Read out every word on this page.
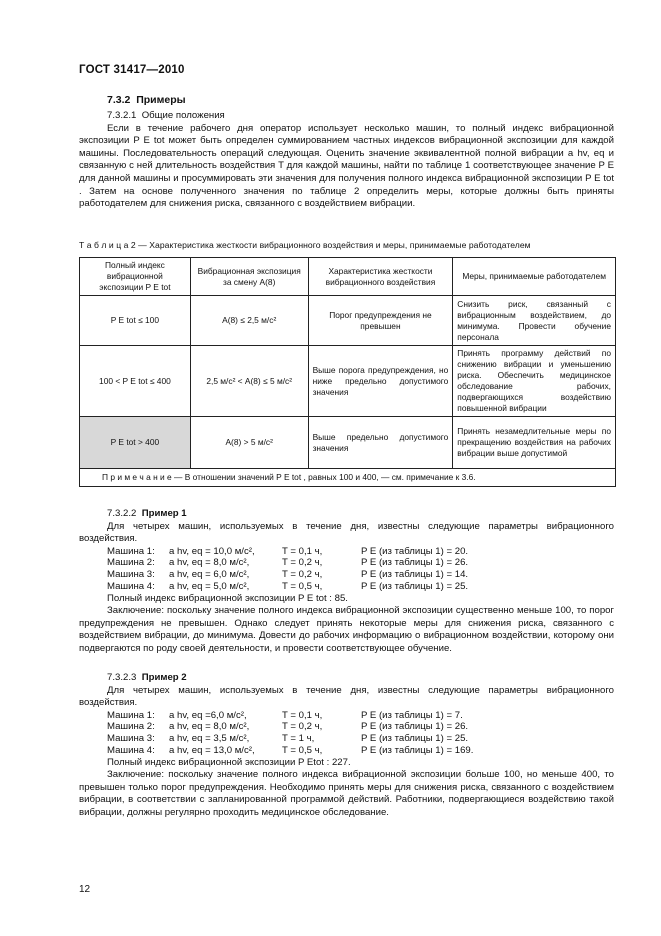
ГОСТ 31417—2010
7.3.2 Примеры
7.3.2.1 Общие положения
Если в течение рабочего дня оператор использует несколько машин, то полный индекс вибрационной экспозиции P E tot может быть определен суммированием частных индексов вибрационной экспозиции для каждой машины. Последовательность операций следующая. Оценить значение эквивалентной полной вибрации a hv, eq и связанную с ней длительность воздействия T для каждой машины, найти по таблице 1 соответствующее значение P E для данной машины и просуммировать эти значения для получения полного индекса вибрационной экспозиции P E tot . Затем на основе полученного значения по таблице 2 определить меры, которые должны быть приняты работодателем для снижения риска, связанного с воздействием вибрации.
Т а б л и ц а 2 — Характеристика жесткости вибрационного воздействия и меры, принимаемые работодателем
Полный индекс вибрационной экспозиции P E tot	Вибрационная экспозиция за смену A(8)	Характеристика жесткости вибрационного воздействия	Меры, принимаемые работодателем
P E tot ≤ 100	A(8) ≤ 2,5 м/с²	Порог предупреждения не превышен	Снизить риск, связанный с вибрационным воздействием, до минимума. Провести обучение персонала
100 < P E tot ≤ 400	2,5 м/с² < A(8) ≤ 5 м/с²	Выше порога предупреждения, но ниже предельно допустимого значения	Принять программу действий по снижению вибрации и уменьшению риска. Обеспечить медицинское обследование рабочих, подвергающихся воздействию повышенной вибрации
P E tot > 400	A(8) > 5 м/с²	Выше предельно допустимого значения	Принять незамедлительные меры по прекращению воздействия на рабочих вибрации выше допустимой
П р и м е ч а н и е — В отношении значений P E tot , равных 100 и 400, — см. примечание к 3.6.			
7.3.2.2 Пример 1
Для четырех машин, используемых в течение дня, известны следующие параметры вибрационного воздействия.
Машина 1: a hv, eq = 10,0 м/с²,	T = 0,1 ч,	P E (из таблицы 1) = 20.
Машина 2: a hv, eq = 8,0 м/с²,	T = 0,2 ч,	P E (из таблицы 1) = 26.
Машина 3: a hv, eq = 6,0 м/с²,	T = 0,2 ч,	P E (из таблицы 1) = 14.
Машина 4: a hv, eq = 5,0 м/с²,	T = 0,5 ч,	P E (из таблицы 1) = 25.
Полный индекс вибрационной экспозиции P E tot : 85.
Заключение: поскольку значение полного индекса вибрационной экспозиции существенно меньше 100, то порог предупреждения не превышен. Однако следует принять некоторые меры для снижения риска, связанного с воздействием вибрации, до минимума. Довести до рабочих информацию о вибрационном воздействии, которому они подвергаются по роду своей деятельности, и провести соответствующее обучение.
7.3.2.3 Пример 2
Для четырех машин, используемых в течение дня, известны следующие параметры вибрационного воздействия.
Машина 1: a hv, eq =6,0 м/с²,	T = 0,1 ч,	P E (из таблицы 1) = 7.
Машина 2: a hv, eq = 8,0 м/с²,	T = 0,2 ч,	P E (из таблицы 1) = 26.
Машина 3: a hv, eq = 3,5 м/с²,	T = 1 ч,	P E (из таблицы 1) = 25.
Машина 4: a hv, eq = 13,0 м/с²,	T = 0,5 ч,	P E (из таблицы 1) = 169.
Полный индекс вибрационной экспозиции P Etot : 227.
Заключение: поскольку значение полного индекса вибрационной экспозиции больше 100, но меньше 400, то превышен только порог предупреждения. Необходимо принять меры для снижения риска, связанного с воздействием вибрации, в соответствии с запланированной программой действий. Работники, подвергающиеся воздействию такой вибрации, должны регулярно проходить медицинское обследование.
12
